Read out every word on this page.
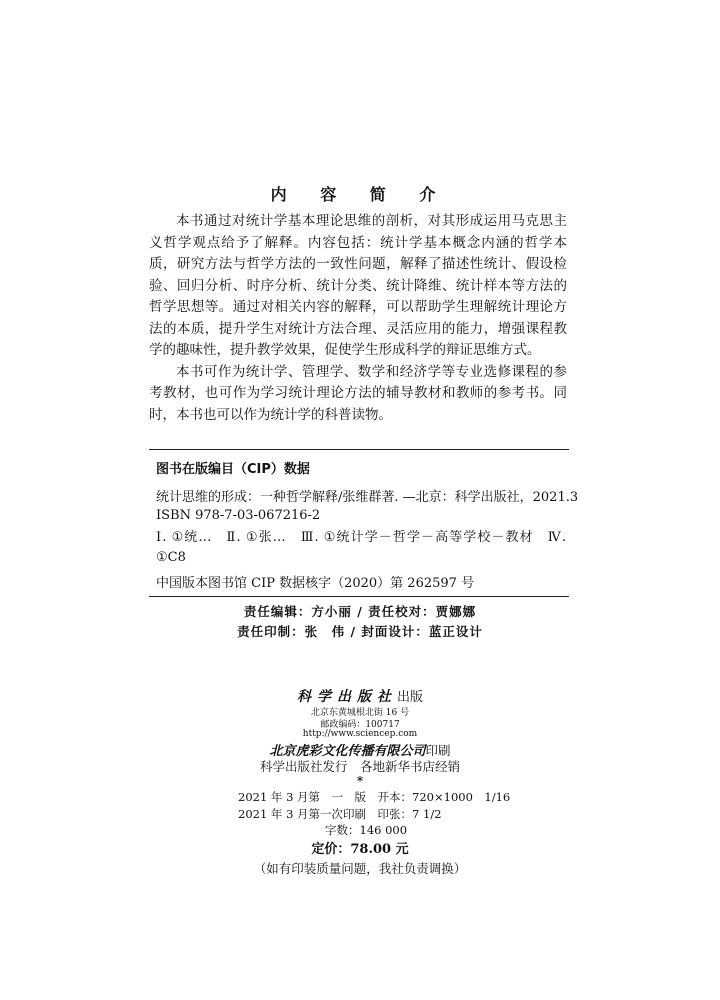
内 容 简 介

本书通过对统计学基本理论思维的剖析，对其形成运用马克思主义哲学观点给予了解释。内容包括：统计学基本概念内涵的哲学本质，研究方法与哲学方法的一致性问题，解释了描述性统计、假设检验、回归分析、时序分析、统计分类、统计降维、统计样本等方法的哲学思想等。通过对相关内容的解释，可以帮助学生理解统计理论方法的本质，提升学生对统计方法合理、灵活应用的能力，增强课程教学的趣味性，提升教学效果，促使学生形成科学的辩证思维方式。

本书可作为统计学、管理学、数学和经济学等专业选修课程的参考教材，也可作为学习统计理论方法的辅导教材和教师的参考书。同时，本书也可以作为统计学的科普读物。

图书在版编目（CIP）数据
统计思维的形成：一种哲学解释/张维群著. —北京：科学出版社，2021.3
ISBN 978-7-03-067216-2
Ⅰ. ①统…　Ⅱ. ①张…　Ⅲ. ①统计学－哲学－高等学校－教材　Ⅳ. ①C8
中国版本图书馆 CIP 数据核字（2020）第 262597 号
责任编辑：方小丽 / 责任校对：贾娜娜
责任印制：张　伟 / 封面设计：蓝正设计
科学出版社出版
北京东黄城根北街 16 号
邮政编码：100717
http://www.sciencep.com
北京虎彩文化传播有限公司印刷
科学出版社发行　各地新华书店经销
*
2021 年 3 月第　一　版　开本：720×1000　1/16
2021 年 3 月第一次印刷　印张：7 1/2
字数：146 000
定价：78.00 元
（如有印装质量问题，我社负责调换）
